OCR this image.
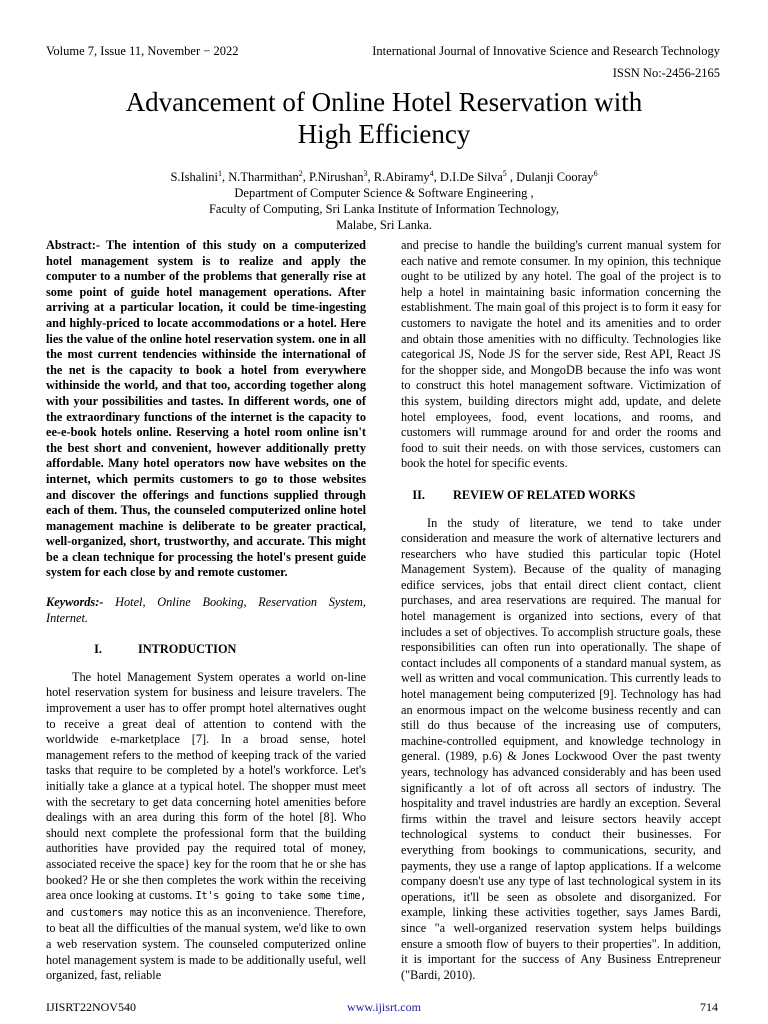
Volume 7, Issue 11, November − 2022	International Journal of Innovative Science and Research Technology
ISSN No:-2456-2165
Advancement of Online Hotel Reservation with
High Efficiency
S.Ishalini$^1$, N.Tharmithan$^2$, P.Nirushan$^3$, R.Abiramy$^4$, D.I.De Silva$^5$ , Dulanji Cooray$^6$
Department of Computer Science & Software Engineering ,
Faculty of Computing, Sri Lanka Institute of Information Technology,
Malabe, Sri Lanka.

Abstract:- The intention of this study on a computerized hotel management system is to realize and apply the computer to a number of the problems that generally rise at some point of guide hotel management operations. After arriving at a particular location, it could be time-ingesting and highly-priced to locate accommodations or a hotel. Here lies the value of the online hotel reservation system. one in all the most current tendencies withinside the international of the net is the capacity to book a hotel from everywhere withinside the world, and that too, according together along with your possibilities and tastes. In different words, one of the extraordinary functions of the internet is the capacity to ee-e-book hotels online. Reserving a hotel room online isn't the best short and convenient, however additionally pretty affordable. Many hotel operators now have websites on the internet, which permits customers to go to those websites and discover the offerings and functions supplied through each of them. Thus, the counseled computerized online hotel management machine is deliberate to be greater practical, well-organized, short, trustworthy, and accurate. This might be a clean technique for processing the hotel's present guide system for each close by and remote customer.

Keywords:- Hotel, Online Booking, Reservation System, Internet.

I.	INTRODUCTION

The hotel Management System operates a world on-line hotel reservation system for business and leisure travelers. The improvement a user has to offer prompt hotel alternatives ought to receive a great deal of attention to contend with the worldwide e-marketplace [7]. In a broad sense, hotel management refers to the method of keeping track of the varied tasks that require to be completed by a hotel's workforce. Let's initially take a glance at a typical hotel. The shopper must meet with the secretary to get data concerning hotel amenities before dealings with an area during this form of the hotel [8]. Who should next complete the professional form that the building authorities have provided pay the required total of money, associated receive the space} key for the room that he or she has booked? He or she then completes the work within the receiving area once looking at customs. It's going to take some time, and customers may notice this as an inconvenience. Therefore, to beat all the difficulties of the manual system, we'd like to own a web reservation system. The counseled computerized online hotel management system is made to be additionally useful, well organized, fast, reliable

and precise to handle the building's current manual system for each native and remote consumer. In my opinion, this technique ought to be utilized by any hotel. The goal of the project is to help a hotel in maintaining basic information concerning the establishment. The main goal of this project is to form it easy for customers to navigate the hotel and its amenities and to order and obtain those amenities with no difficulty. Technologies like categorical JS, Node JS for the server side, Rest API, React JS for the shopper side, and MongoDB because the info was wont to construct this hotel management software. Victimization of this system, building directors might add, update, and delete hotel employees, food, event locations, and rooms, and customers will rummage around for and order the rooms and food to suit their needs. on with those services, customers can book the hotel for specific events.

II. REVIEW OF RELATED WORKS

In the study of literature, we tend to take under consideration and measure the work of alternative lecturers and researchers who have studied this particular topic (Hotel Management System). Because of the quality of managing edifice services, jobs that entail direct client contact, client purchases, and area reservations are required. The manual for hotel management is organized into sections, every of that includes a set of objectives. To accomplish structure goals, these responsibilities can often run into operationally. The shape of contact includes all components of a standard manual system, as well as written and vocal communication. This currently leads to hotel management being computerized [9]. Technology has had an enormous impact on the welcome business recently and can still do thus because of the increasing use of computers, machine-controlled equipment, and knowledge technology in general. (1989, p.6) & Jones Lockwood Over the past twenty years, technology has advanced considerably and has been used significantly a lot of oft across all sectors of industry. The hospitality and travel industries are hardly an exception. Several firms within the travel and leisure sectors heavily accept technological systems to conduct their businesses. For everything from bookings to communications, security, and payments, they use a range of laptop applications. If a welcome company doesn't use any type of last technological system in its operations, it'll be seen as obsolete and disorganized. For example, linking these activities together, says James Bardi, since "a well-organized reservation system helps buildings ensure a smooth flow of buyers to their properties". In addition, it is important for the success of Any Business Entrepreneur ("Bardi, 2010).

IJISRT22NOV540	www.ijisrt.com	714
